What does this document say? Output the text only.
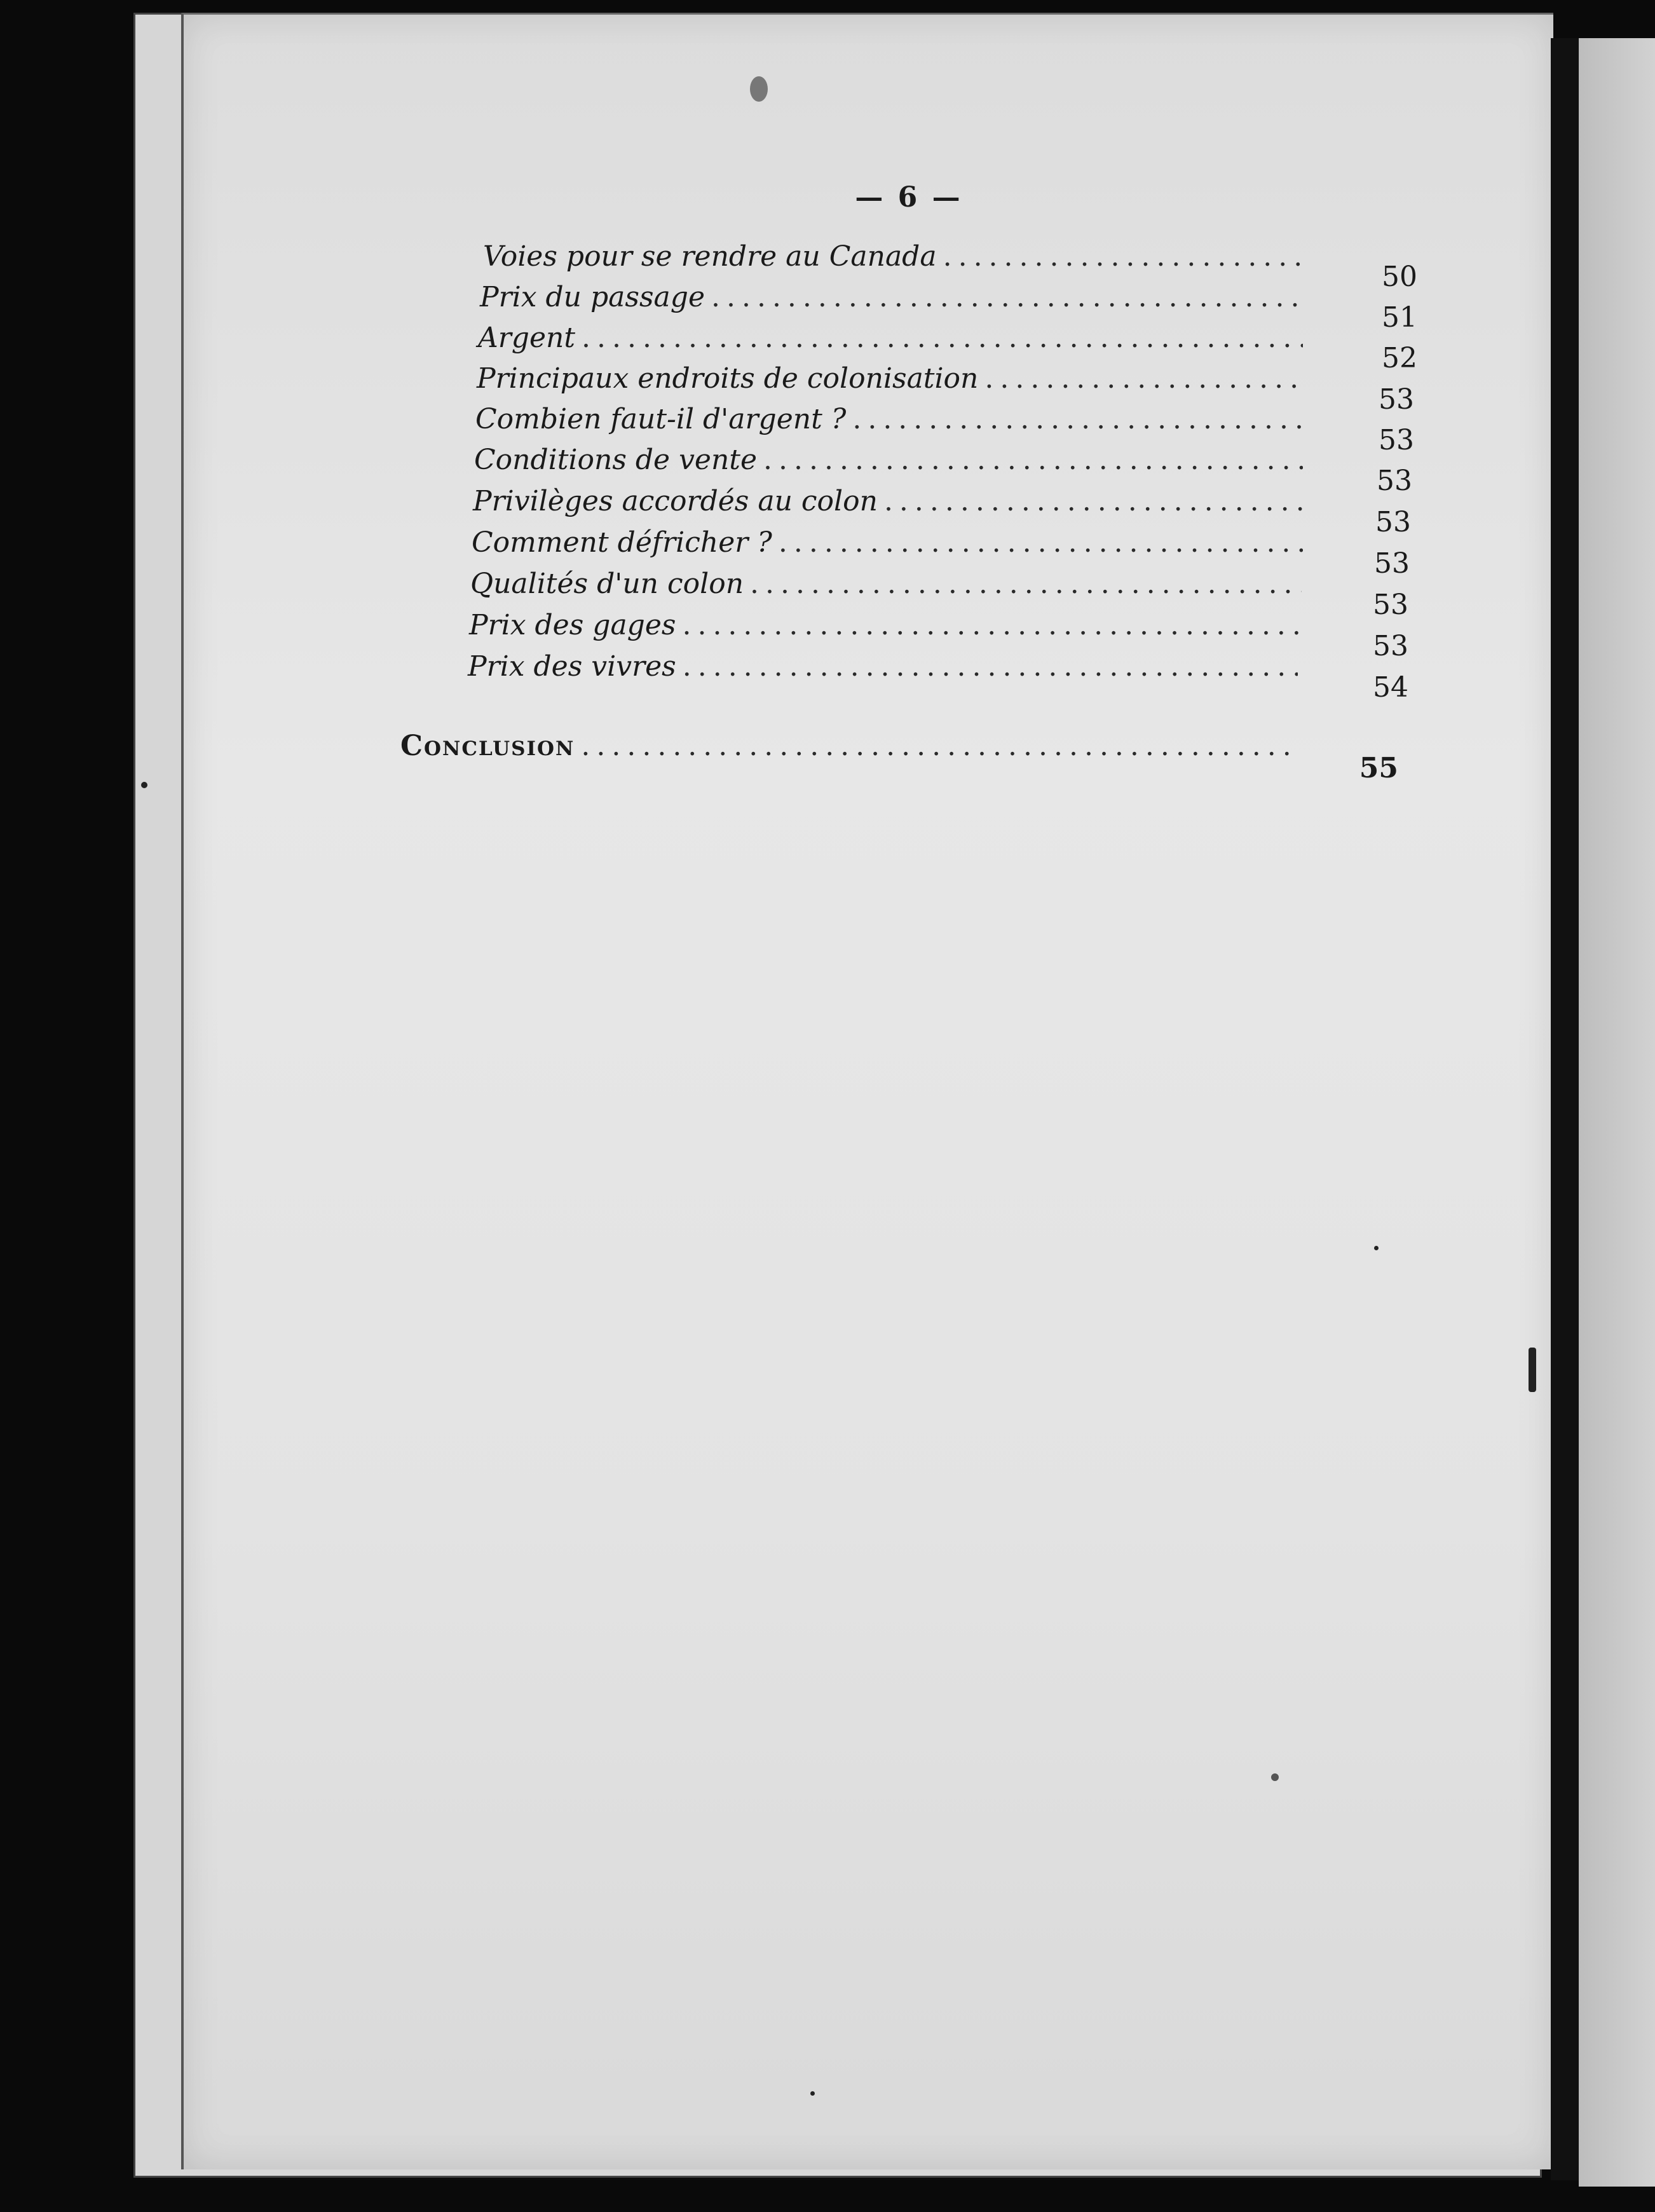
— 6 —
Voies pour se rendre au Canada
.....
50
Prix du passage
.....
51
Argent
.....
52
Principaux endroits de colonisation
.....
53
Combien faut-il d'argent ?
.....
53
Conditions de vente
.....
53
Privilèges accordés au colon
.....
53
Comment défricher ?
.....
53
Qualités d'un colon
.....
53
Prix des gages
.....
53
Prix des vivres
.....
54
Conclusion
.....
55
